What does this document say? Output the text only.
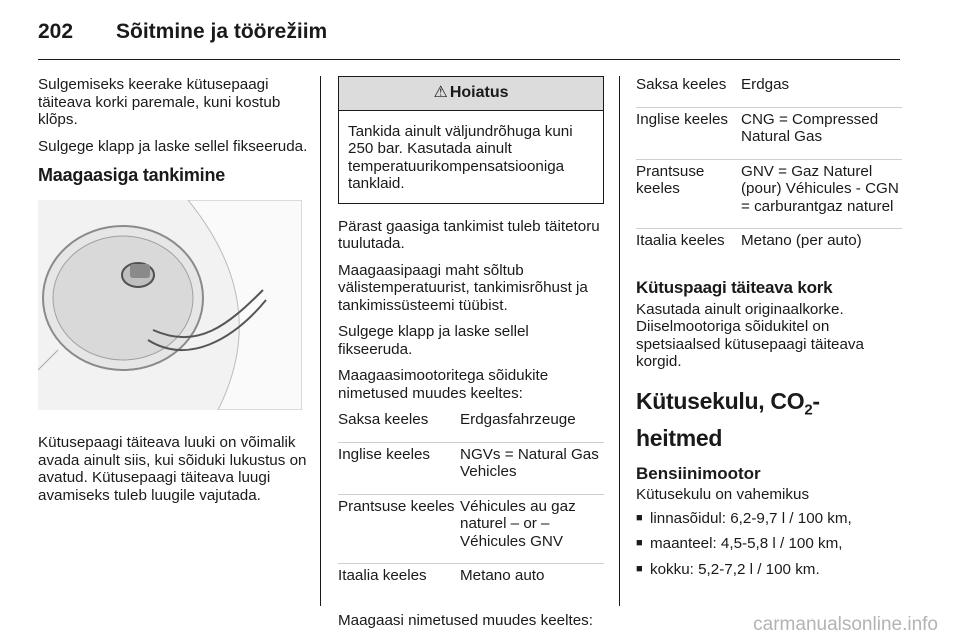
202	Sõitmine ja töörežiim

Sulgemiseks keerake kütusepaagi täiteava korki paremale, kuni kostub klõps.

Sulgege klapp ja laske sellel fikseeruda.

Maagaasiga tankimine

Kütusepaagi täiteava luuki on võimalik avada ainult siis, kui sõiduki lukustus on avatud. Kütusepaagi täiteava luugi avamiseks tuleb luugile vajutada.

⚠ Hoiatus
Tankida ainult väljundrõhuga kuni 250 bar. Kasutada ainult temperatuurikompensatsiooniga tanklaid.

Pärast gaasiga tankimist tuleb täitetoru tuulutada.

Maagaasipaagi maht sõltub välistemperatuurist, tankimisrõhust ja tankimissüsteemi tüübist.

Sulgege klapp ja laske sellel fikseeruda.

Maagaasimootoritega sõidukite nimetused muudes keeltes:

Saksa keeles	Erdgasfahrzeuge
Inglise keeles	NGVs = Natural Gas Vehicles
Prantsuse keeles	Véhicules au gaz naturel – or – Véhicules GNV
Itaalia keeles	Metano auto

Maagaasi nimetused muudes keeltes:

Saksa keeles	Erdgas
Inglise keeles	CNG = Compressed Natural Gas
Prantsuse keeles	GNV = Gaz Naturel (pour) Véhicules - CGN = carburantgaz naturel
Itaalia keeles	Metano (per auto)
Kütuspaagi täiteava kork

Kasutada ainult originaalkorke. Diiselmootoriga sõidukitel on spetsiaalsed kütusepaagi täiteava korgid.

Kütusekulu, $CO_2$-heitmed
Bensiinimootor

Kütusekulu on vahemikus

■ linnasõidul: 6,2-9,7 l / 100 km,
■ maanteel: 4,5-5,8 l / 100 km,
■ kokku: 5,2-7,2 l / 100 km.
carmanualsonline.info
